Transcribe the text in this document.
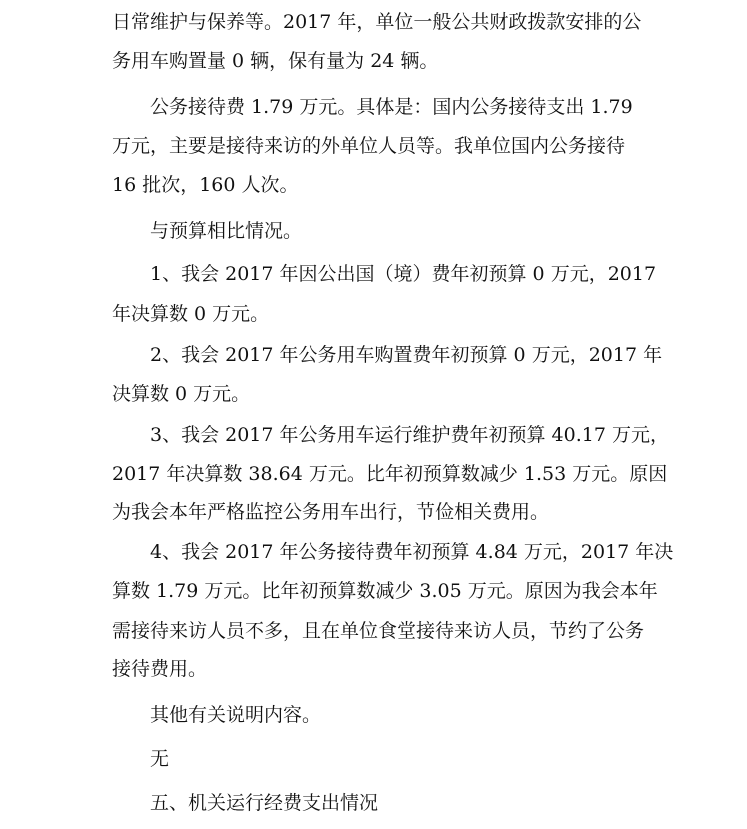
日常维护与保养等。2017 年，单位一般公共财政拨款安排的公
务用车购置量 0 辆，保有量为 24 辆。
公务接待费 1.79 万元。具体是：国内公务接待支出 1.79
万元，主要是接待来访的外单位人员等。我单位国内公务接待
16 批次，160 人次。
与预算相比情况。
1、我会 2017 年因公出国（境）费年初预算 0 万元，2017
年决算数 0 万元。
2、我会 2017 年公务用车购置费年初预算 0 万元，2017 年
决算数 0 万元。
3、我会 2017 年公务用车运行维护费年初预算 40.17 万元，
2017 年决算数 38.64 万元。比年初预算数减少 1.53 万元。原因
为我会本年严格监控公务用车出行，节俭相关费用。
4、我会 2017 年公务接待费年初预算 4.84 万元，2017 年决
算数 1.79 万元。比年初预算数减少 3.05 万元。原因为我会本年
需接待来访人员不多，且在单位食堂接待来访人员，节约了公务
接待费用。
其他有关说明内容。
无
五、机关运行经费支出情况
